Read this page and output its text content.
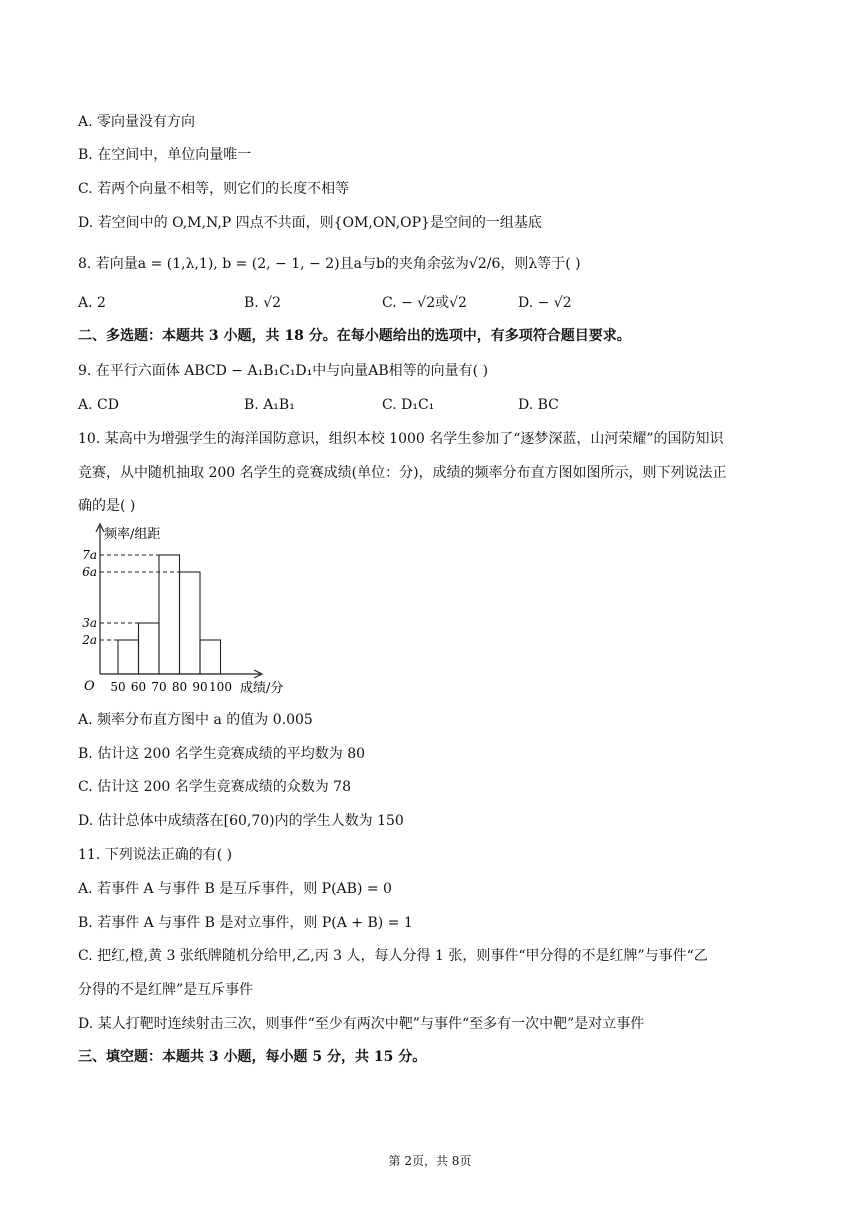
A. 零向量没有方向
B. 在空间中，单位向量唯一
C. 若两个向量不相等，则它们的长度不相等
D. 若空间中的 O,M,N,P 四点不共面，则{OM,ON,OP}是空间的一组基底
8. 若向量a = (1,λ,1), b = (2, − 1, − 2)且a与b的夹角余弦为√2/6，则λ等于( )
A. 2	B. √2	C. − √2或√2	D. − √2
二、多选题：本题共 3 小题，共 18 分。在每小题给出的选项中，有多项符合题目要求。
9. 在平行六面体 ABCD − A₁B₁C₁D₁中与向量AB相等的向量有( )
A. CD	B. A₁B₁	C. D₁C₁	D. BC
10. 某高中为增强学生的海洋国防意识，组织本校 1000 名学生参加了“逐梦深蓝，山河荣耀”的国防知识
竞赛，从中随机抽取 200 名学生的竞赛成绩(单位：分)，成绩的频率分布直方图如图所示，则下列说法正
确的是( )
2a
3a
6a
7a
50 60 70 80 90 100
频率/组距
成绩/分
O
A. 频率分布直方图中 a 的值为 0.005
B. 估计这 200 名学生竞赛成绩的平均数为 80
C. 估计这 200 名学生竞赛成绩的众数为 78
D. 估计总体中成绩落在[60,70)内的学生人数为 150
11. 下列说法正确的有( )
A. 若事件 A 与事件 B 是互斥事件，则 P(AB) = 0
B. 若事件 A 与事件 B 是对立事件，则 P(A + B) = 1
C. 把红,橙,黄 3 张纸牌随机分给甲,乙,丙 3 人，每人分得 1 张，则事件“甲分得的不是红牌”与事件“乙
分得的不是红牌”是互斥事件
D. 某人打靶时连续射击三次，则事件“至少有两次中靶”与事件“至多有一次中靶”是对立事件
三、填空题：本题共 3 小题，每小题 5 分，共 15 分。
第 2页，共 8页
